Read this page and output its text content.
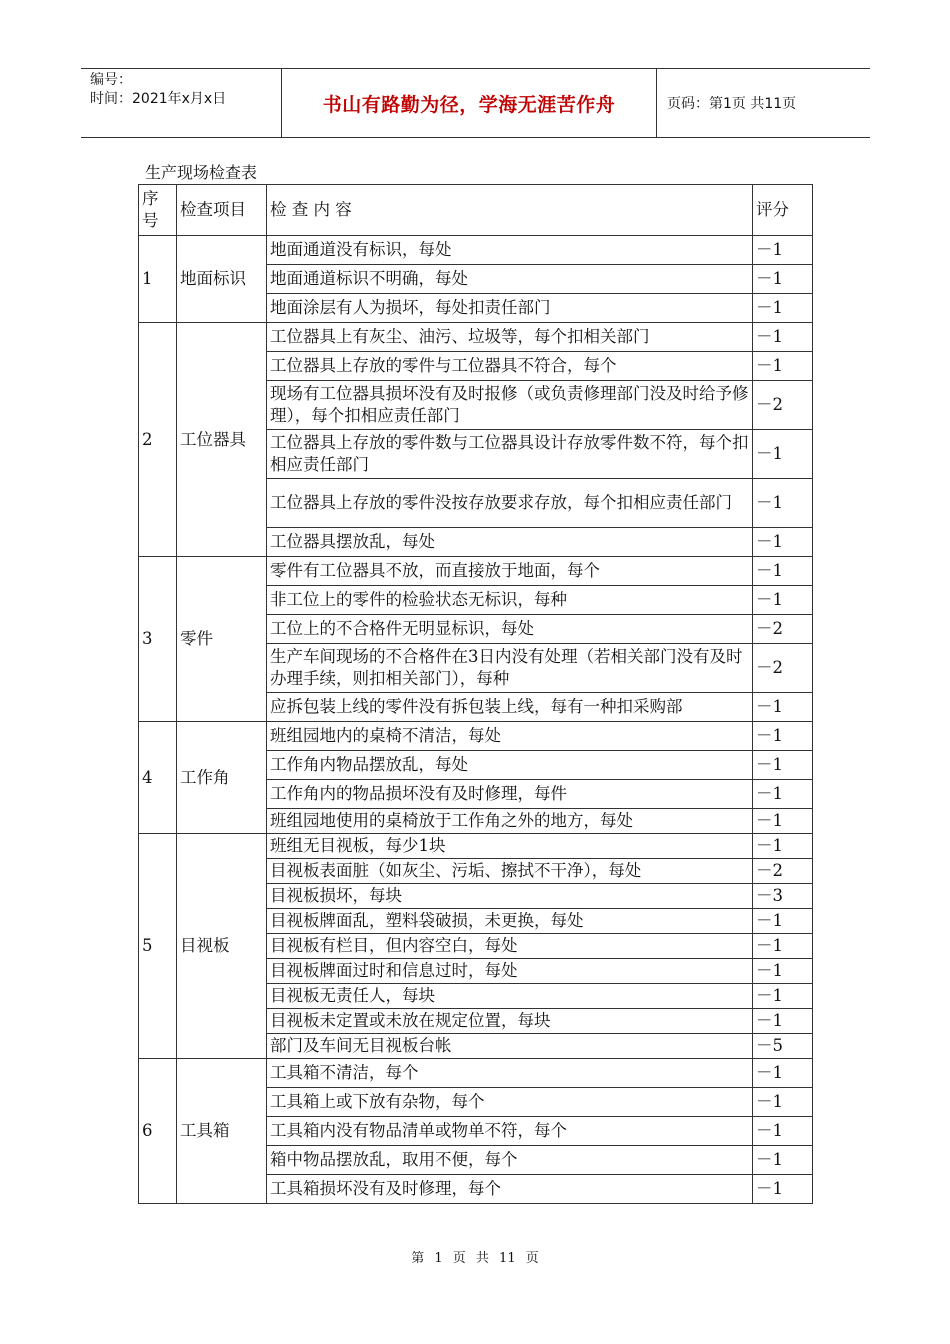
编号：
时间：2021年x月x日	书山有路勤为径，学海无涯苦作舟	页码：第1页 共11页
生产现场检查表
序号	检查项目	检 查 内 容	评分
1	地面标识	地面通道没有标识，每处	－1
		地面通道标识不明确，每处	－1
		地面涂层有人为损坏，每处扣责任部门	－1
2	工位器具	工位器具上有灰尘、油污、垃圾等，每个扣相关部门	－1
		工位器具上存放的零件与工位器具不符合，每个	－1
		现场有工位器具损坏没有及时报修（或负责修理部门没及时给予修理），每个扣相应责任部门	－2
		工位器具上存放的零件数与工位器具设计存放零件数不符，每个扣相应责任部门	－1
		工位器具上存放的零件没按存放要求存放，每个扣相应责任部门	－1
		工位器具摆放乱，每处	－1
3	零件	零件有工位器具不放，而直接放于地面，每个	－1
		非工位上的零件的检验状态无标识，每种	－1
		工位上的不合格件无明显标识，每处	－2
		生产车间现场的不合格件在3日内没有处理（若相关部门没有及时办理手续，则扣相关部门），每种	－2
		应拆包装上线的零件没有拆包装上线，每有一种扣采购部	－1
4	工作角	班组园地内的桌椅不清洁，每处	－1
		工作角内物品摆放乱，每处	－1
		工作角内的物品损坏没有及时修理，每件	－1
		班组园地使用的桌椅放于工作角之外的地方，每处	－1
5	目视板	班组无目视板，每少1块	－1
		目视板表面脏（如灰尘、污垢、擦拭不干净），每处	－2
		目视板损坏，每块	－3
		目视板牌面乱，塑料袋破损，未更换，每处	－1
		目视板有栏目，但内容空白，每处	－1
		目视板牌面过时和信息过时，每处	－1
		目视板无责任人，每块	－1
		目视板未定置或未放在规定位置，每块	－1
		部门及车间无目视板台帐	－5
6	工具箱	工具箱不清洁，每个	－1
		工具箱上或下放有杂物，每个	－1
		工具箱内没有物品清单或物单不符，每个	－1
		箱中物品摆放乱，取用不便，每个	－1
		工具箱损坏没有及时修理，每个	－1
第 1 页 共 11 页
